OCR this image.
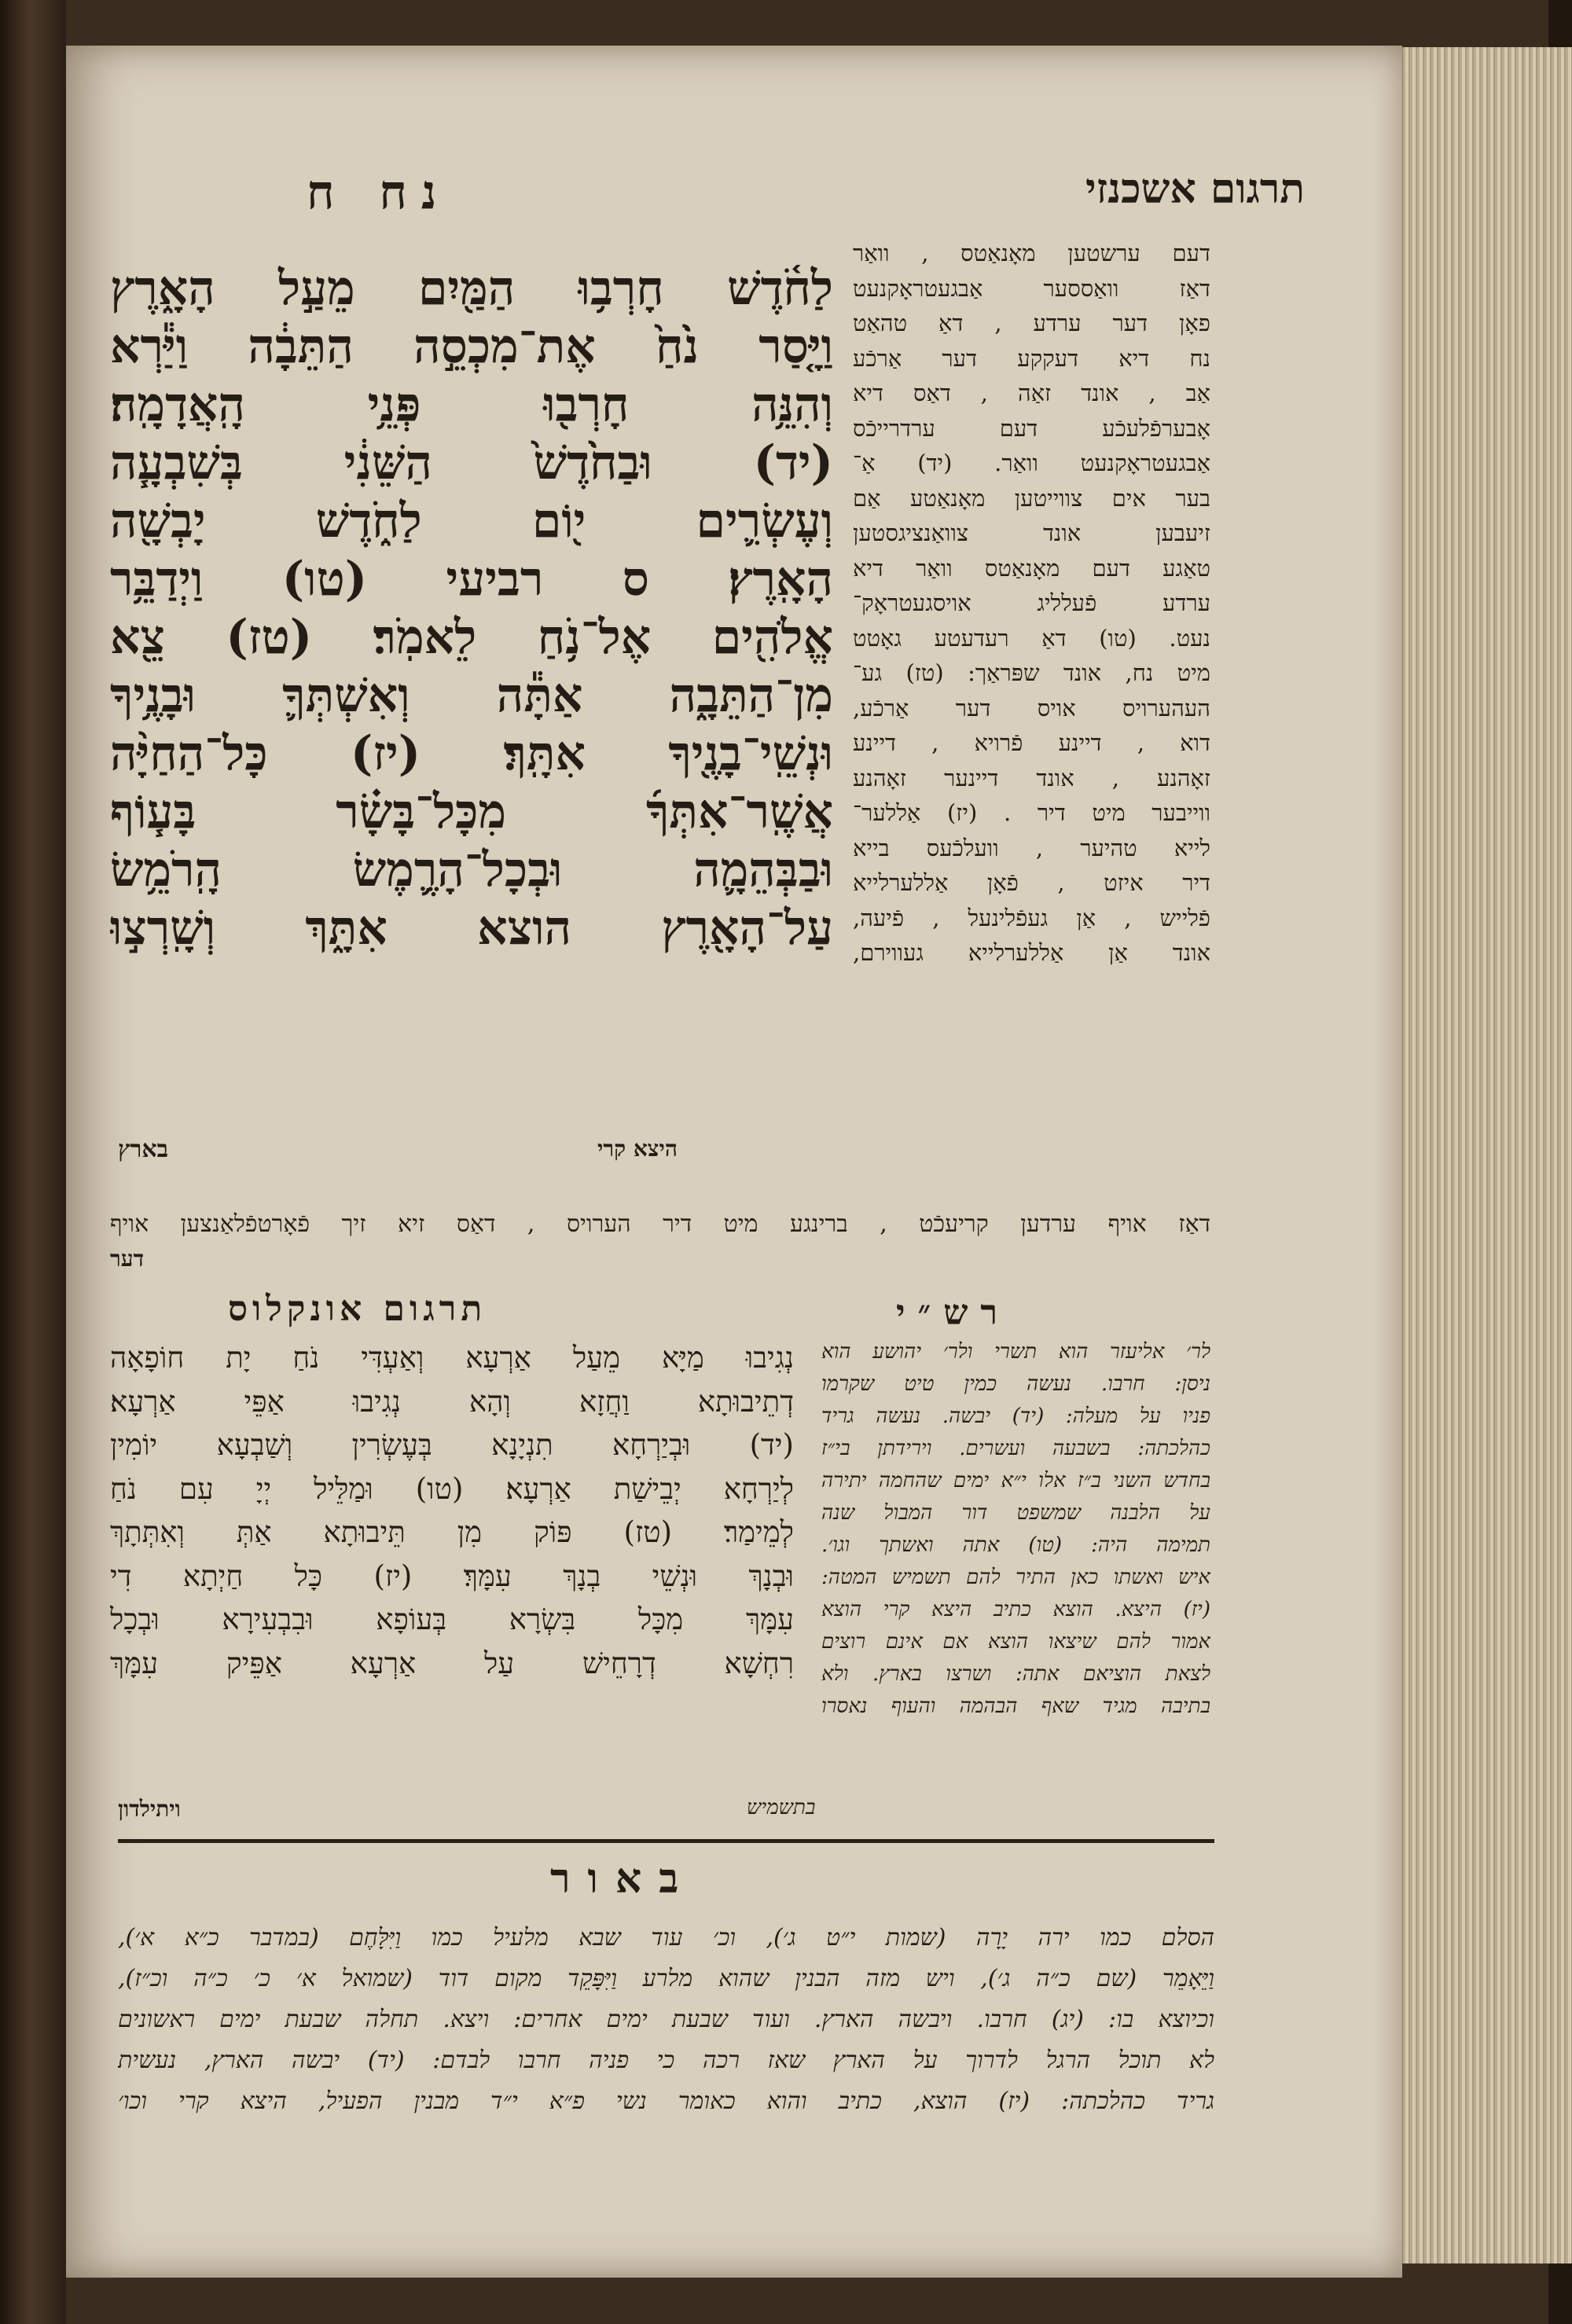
תרגום אשכנזי
נח ח
דעם ערשטען מאָנאַטס , וואַר
דאַז וואַססער אַבגעטראָקנעט
פאָן דער ערדע , דאַ טהאַט
נח דיא דעקקע דער אַרכֿע
אַב , אונד זאַה , דאַס דיא
אָבערפֿלעכֿע דעם ערדרייכֿס
אַבגעטראָקנעט וואַר. (יד) אַ־
בער אים צווייטען מאָנאַטע אַם
זיעבען אונד צוואַנציגסטען
טאַגע דעם מאָנאַטס וואַר דיא
ערדע פֿעלליג אויסגעטראָק־
נעט. (טו) דאַ רעדעטע גאָטט
מיט נח, אונד שפּראַך: (טז) גע־
העהערויס אויס דער אַרכֿע,
דוא , דיינע פֿרויא , דיינע
זאָהנע , אונד דיינער זאָהנע
ווייבער מיט דיר . (יז) אַללער־
לייא טהיער , וועלכֿעס בייא
דיר איזט , פֿאָן אַללערלייא
פֿלייש , אַן געפֿלינעל , פֿיעה,
אונד אַן אַללערלייא געווירם,
לַחֹ֫דֶשׁ חָרְב֥וּ הַמַּ֖יִם מֵעַ֣ל הָאָ֑רֶץ
וַיָּ֤סַר נֹ֙חַ֙ אֶת־מִכְסֵ֣ה הַתֵּבָ֔ה וַיַּ֕רְא
וְהִנֵּ֥ה חָרְב֖וּ פְּנֵ֥י הָֽאֲדָמָֽה׃
(יד) וּבַחֹ֙דֶשׁ֙ הַשֵּׁנִ֔י בְּשִׁבְעָ֧ה
וְעֶשְׂרִ֛ים י֖וֹם לַחֹ֑דֶשׁ יָבְשָׁ֖ה
הָאָֽרֶץ׃ ס רביעי (טו) וַיְדַבֵּ֥ר
אֱלֹהִ֖ים אֶל־נֹ֥חַ לֵאמֹֽר׃ (טז) צֵ֖א
מִן־הַתֵּבָ֑ה אַתָּ֕ה וְאִשְׁתְּךָ֛ וּבָנֶ֥יךָ
וּנְשֵֽׁי־בָנֶ֖יךָ אִתָּֽךְ׃ (יז) כָּל־הַחַיָּ֨ה
אֲשֶֽׁר־אִתְּךָ֜ מִכָּל־בָּשָׂ֗ר בָּע֧וֹף
וּבַבְּהֵמָ֛ה וּבְכָל־הָרֶ֛מֶשׂ הָֽרֹמֵ֥שׂ
עַל־הָאָ֖רֶץ הוצא אִתָּ֑ךְ וְשָֽׁרְצ֣וּ
בארץ	היצא קרי
דאַז אויף ערדען קריעכֿט , ברינגע מיט דיר הערויס , דאַס זיא זיך פֿאָרטפֿלאַנצען אויף
דער
תרגום אונקלוס	רש״י
נְגִיבוּ מַיָּא מֵעַל אַרְעָא וְאַעְדִּי נֹחַ יָת חוֹפָאָה
דְתֵיבוּתָא וַחֲזָא וְהָא נְגִיבוּ אַפֵּי אַרְעָא׃
(יד) וּבְיַרְחָא תִנְיָנָא בְּעֶשְׂרִין וְשַׁבְעָא יוֹמִין
לְיַרְחָא יְבֵישַׁת אַרְעָא׃ (טו) וּמַלֵּיל יְיָ עִם נֹחַ
לְמֵימַר׃ (טז) פּוֹק מִן תֵּיבוּתָא אַתְּ וְאִתְּתָךְ
וּבְנָךְ וּנְשֵׁי בְנָךְ עִמָּךְ׃ (יז) כָּל חַיְתָא דִי
עִמָּךְ מִכָּל בִּשְׂרָא בְּעוֹפָא וּבִבְעִירָא וּבְכָל
רִחְשָׁא דְרָחֵישׁ עַל אַרְעָא אַפֵּיק עִמָּךְ
ויתילדון
לר׳ אליעזר הוא תשרי ולר׳ יהושע הוא
ניסן: חרבו. נעשה כמין טיט שקרמו
פניו על מעלה: (יד) יבשה. נעשה גריד
כהלכתה: בשבעה ועשרים. וירידתן בי״ז
בחדש השני ב״ז אלו י״א ימים שהחמה יתירה
על הלבנה שמשפט דור המבול שנה
תמימה היה: (טו) אתה ואשתך וגו׳.
איש ואשתו כאן התיר להם תשמיש המטה:
(יז) היצא. הוצא כתיב היצא קרי הוצא
אמור להם שיצאו הוצא אם אינם רוצים
לצאת הוציאם אתה: ושרצו בארץ. ולא
בתיבה מגיד שאף הבהמה והעוף נאסרו
בתשמיש
באור
הסלם כמו ירה יָרָה (שמות י״ט ג׳), וכ׳ עוד שבא מלעיל כמו וַיִּלָּחֶם (במדבר כ״א א׳),
וַיֵּאָמֵר (שם כ״ה ג׳), ויש מזה הבנין שהוא מלרע וַיִּפָּקֵד מקום דוד (שמואל א׳ כ׳ כ״ה וכ״ז),
וכיוצא בו: (יג) חרבו. ויבשה הארץ. ועוד שבעת ימים אחרים: ויצא. תחלה שבעת ימים ראשונים
לא תוכל הרגל לדרוך על הארץ שאז רכה כי פניה חרבו לבדם: (יד) יבשה הארץ, נעשית
גריד כהלכתה: (יז) הוצא, כתיב והוא כאומר נשי פ״א י״ד מבנין הפעיל, היצא קרי וכו׳
